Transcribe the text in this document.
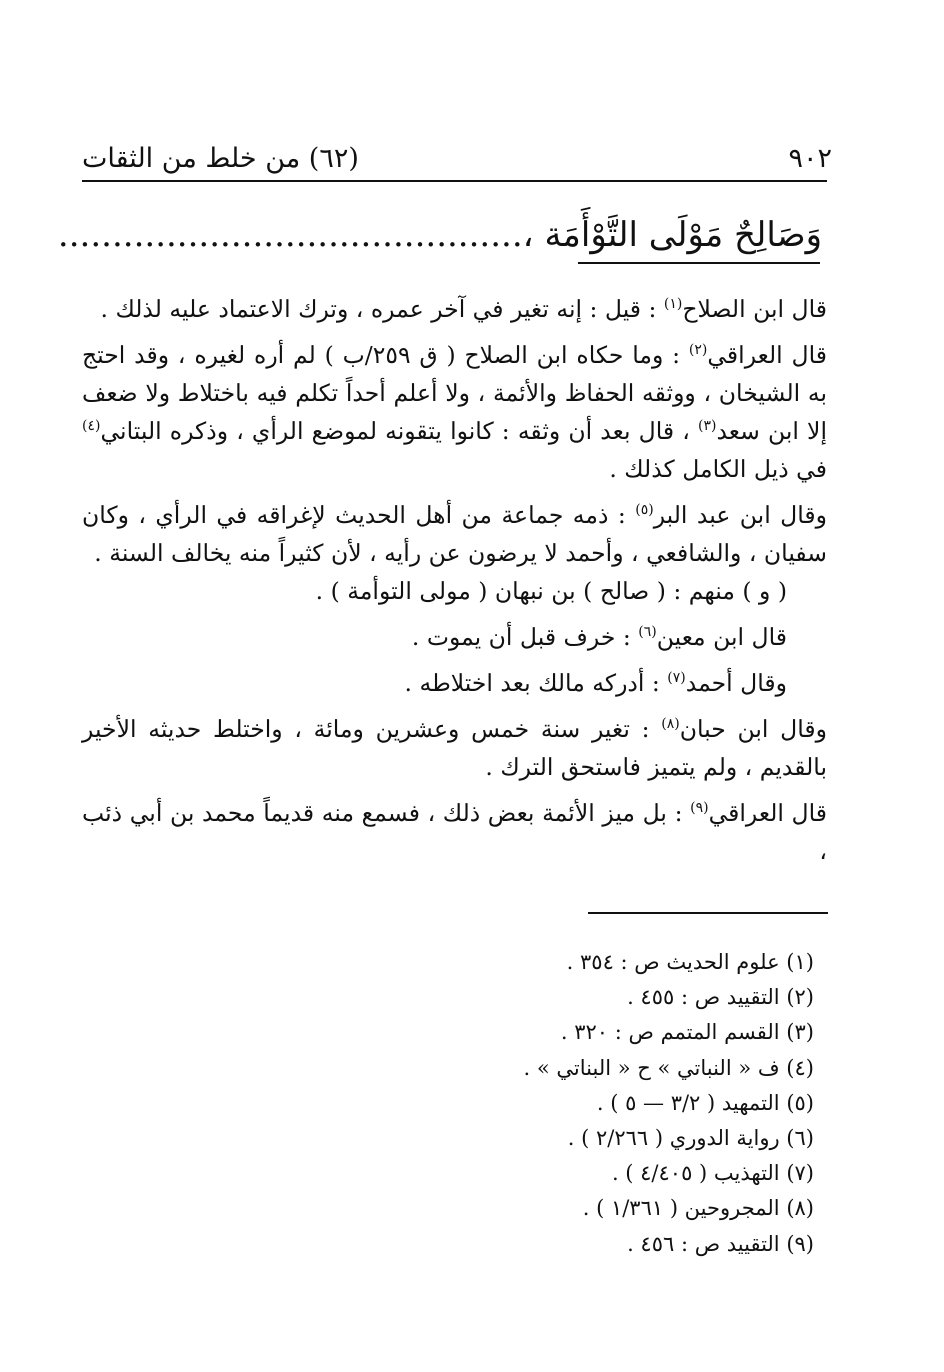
٩٠٢
(٦٢) من خلط من الثقات
وَصَالِحٌ مَوْلَى التَّوْأَمَة ،...........................................

قال ابن الصلاح$^{(١)}$ : قيل : إنه تغير في آخر عمره ، وترك الاعتماد عليه لذلك .

قال العراقي$^{(٢)}$ : وما حكاه ابن الصلاح ( ق ٢٥٩/ب ) لم أره لغيره ، وقد احتج به الشيخان ، ووثقه الحفاظ والأئمة ، ولا أعلم أحداً تكلم فيه باختلاط ولا ضعف إلا ابن سعد$^{(٣)}$ ، قال بعد أن وثقه : كانوا يتقونه لموضع الرأي ، وذكره البتاني$^{(٤)}$ في ذيل الكامل كذلك .

وقال ابن عبد البر$^{(٥)}$ : ذمه جماعة من أهل الحديث لإغراقه في الرأي ، وكان سفيان ، والشافعي ، وأحمد لا يرضون عن رأيه ، لأن كثيراً منه يخالف السنة .

( و ) منهم : ( صالح ) بن نبهان ( مولى التوأمة ) .

قال ابن معين$^{(٦)}$ : خرف قبل أن يموت .

وقال أحمد$^{(٧)}$ : أدركه مالك بعد اختلاطه .

وقال ابن حبان$^{(٨)}$ : تغير سنة خمس وعشرين ومائة ، واختلط حديثه الأخير بالقديم ، ولم يتميز فاستحق الترك .

قال العراقي$^{(٩)}$ : بل ميز الأئمة بعض ذلك ، فسمع منه قديماً محمد بن أبي ذئب ،

(١) علوم الحديث ص : ٣٥٤ .
(٢) التقييد ص : ٤٥٥ .
(٣) القسم المتمم ص : ٣٢٠ .
(٤) ف « النباتي » ح « البناتي » .
(٥) التمهيد ( ٣/٢ — ٥ ) .
(٦) رواية الدوري ( ٢/٢٦٦ ) .
(٧) التهذيب ( ٤/٤٠٥ ) .
(٨) المجروحين ( ١/٣٦١ ) .
(٩) التقييد ص : ٤٥٦ .
